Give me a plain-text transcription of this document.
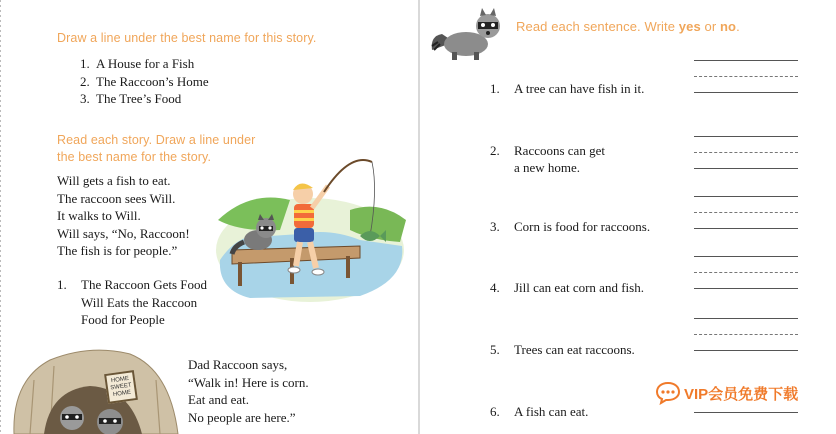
Draw a line under the best name for this story.
1. A House for a Fish
2. The Raccoon’s Home
3. The Tree’s Food
Read each story. Draw a line under
the best name for the story.
Will gets a fish to eat.
The raccoon sees Will.
It walks to Will.
Will says, “No, Raccoon!
The fish is for people.”
1.	The Raccoon Gets Food
Will Eats the Raccoon
Food for People
Dad Raccoon says,
“Walk in! Here is corn.
Eat and eat.
No people are here.”
HOME
SWEET
HOME
Read each sentence. Write yes or no.
1.	A tree can have fish in it.
2.	Raccoons can get
a new home.
3.	Corn is food for raccoons.
4.	Jill can eat corn and fish.
5.	Trees can eat raccoons.
6.	A fish can eat.
VIP会员免费下载
